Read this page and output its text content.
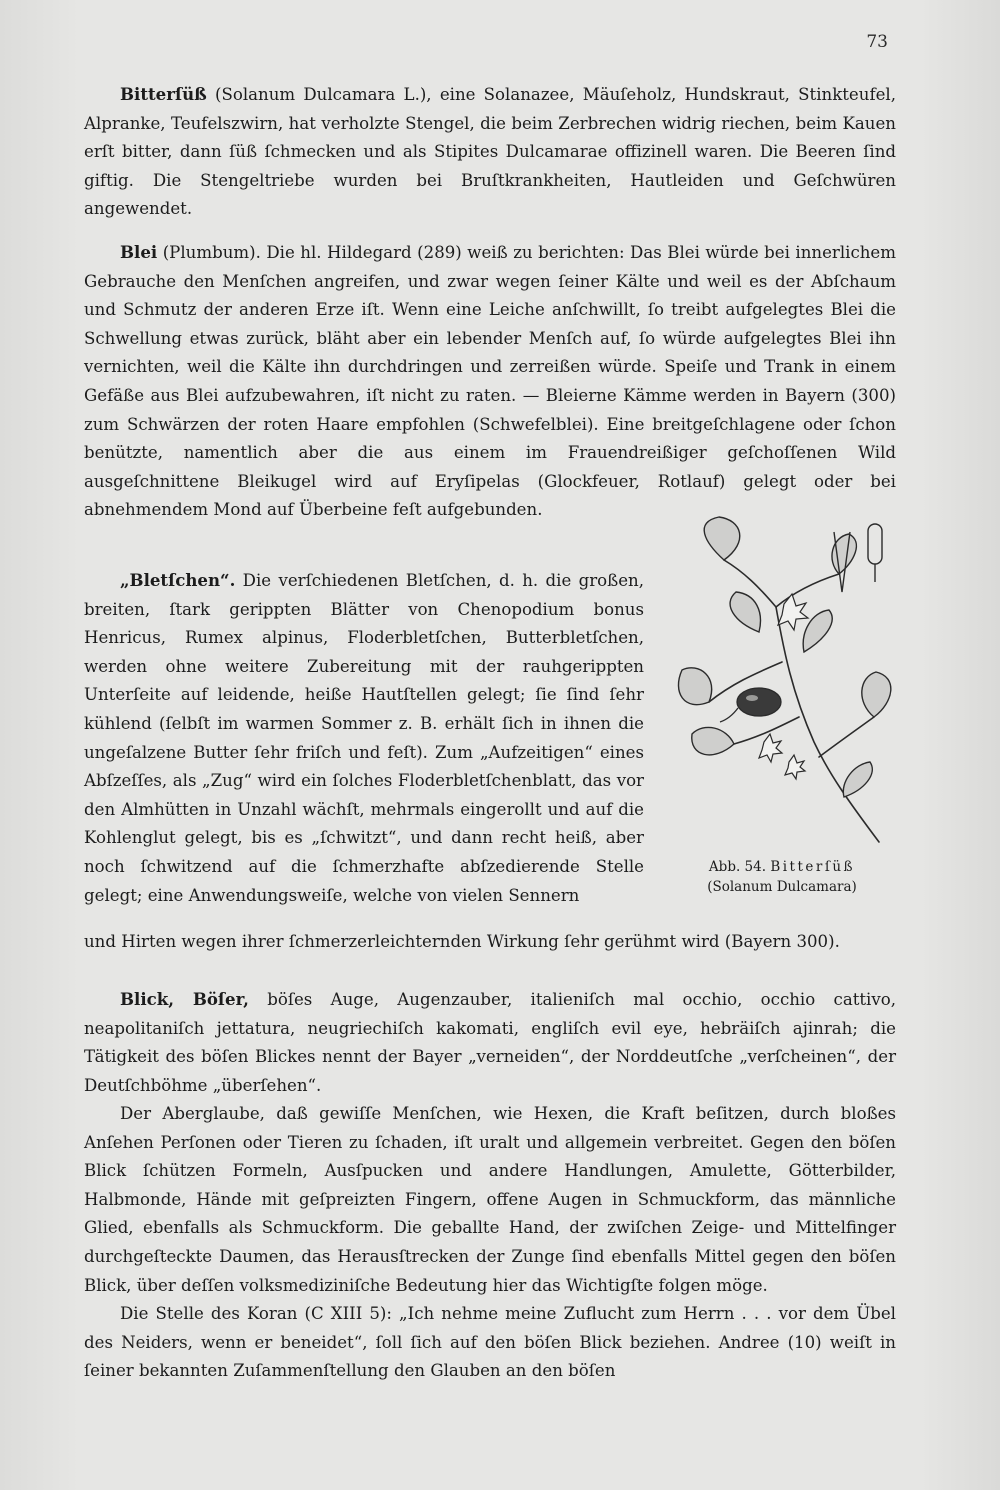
73

Bitterſüß (Solanum Dulcamara L.), eine Solanazee, Mäuſeholz, Hundskraut, Stinkteufel, Alpranke, Teufelszwirn, hat verholzte Stengel, die beim Zerbrechen widrig riechen, beim Kauen erſt bitter, dann ſüß ſchmecken und als Stipites Dulcamarae offizinell waren. Die Beeren ſind giftig. Die Stengeltriebe wurden bei Bruſtkrankheiten, Hautleiden und Geſchwüren angewendet.

Blei (Plumbum). Die hl. Hildegard (289) weiß zu berichten: Das Blei würde bei innerlichem Gebrauche den Menſchen angreifen, und zwar wegen ſeiner Kälte und weil es der Abſchaum und Schmutz der anderen Erze iſt. Wenn eine Leiche anſchwillt, ſo treibt aufgelegtes Blei die Schwellung etwas zurück, bläht aber ein lebender Menſch auf, ſo würde aufgelegtes Blei ihn vernichten, weil die Kälte ihn durchdringen und zerreißen würde. Speiſe und Trank in einem Gefäße aus Blei aufzubewahren, iſt nicht zu raten. — Bleierne Kämme werden in Bayern (300) zum Schwärzen der roten Haare empfohlen (Schwefelblei). Eine breitgeſchlagene oder ſchon benützte, namentlich aber die aus einem im Frauendreißiger geſchoſſenen Wild ausgeſchnittene Bleikugel wird auf Eryſipelas (Glockfeuer, Rotlauf) gelegt oder bei abnehmendem Mond auf Überbeine feſt aufgebunden.

„Bletſchen“. Die verſchiedenen Bletſchen, d. h. die großen, breiten, ſtark gerippten Blätter von Chenopodium bonus Henricus, Rumex alpinus, Floderbletſchen, Butterbletſchen, werden ohne weitere Zubereitung mit der rauhgerippten Unterſeite auf leidende, heiße Hautſtellen gelegt; ſie ſind ſehr kühlend (ſelbſt im warmen Sommer z. B. erhält ſich in ihnen die ungeſalzene Butter ſehr friſch und feſt). Zum „Aufzeitigen“ eines Abſzeſſes, als „Zug“ wird ein ſolches Floderbletſchenblatt, das vor den Almhütten in Unzahl wächſt, mehrmals eingerollt und auf die Kohlenglut gelegt, bis es „ſchwitzt“, und dann recht heiß, aber noch ſchwitzend auf die ſchmerzhafte abſzedierende Stelle gelegt; eine Anwendungsweiſe, welche von vielen Sennern

und Hirten wegen ihrer ſchmerzerleichternden Wirkung ſehr gerühmt wird (Bayern 300).

Abb. 54. Bitterſüß
(Solanum Dulcamara)

Blick, Böſer, böſes Auge, Augenzauber, italieniſch mal occhio, occhio cattivo, neapolitaniſch jettatura, neugriechiſch kakomati, engliſch evil eye, hebräiſch ajinrah; die Tätigkeit des böſen Blickes nennt der Bayer „verneiden“, der Norddeutſche „verſcheinen“, der Deutſchböhme „überſehen“.

Der Aberglaube, daß gewiſſe Menſchen, wie Hexen, die Kraft beſitzen, durch bloßes Anſehen Perſonen oder Tieren zu ſchaden, iſt uralt und allgemein verbreitet. Gegen den böſen Blick ſchützen Formeln, Ausſpucken und andere Handlungen, Amulette, Götterbilder, Halbmonde, Hände mit geſpreizten Fingern, offene Augen in Schmuckform, das männliche Glied, ebenfalls als Schmuckform. Die geballte Hand, der zwiſchen Zeige- und Mittelfinger durchgeſteckte Daumen, das Herausſtrecken der Zunge ſind ebenfalls Mittel gegen den böſen Blick, über deſſen volksmediziniſche Bedeutung hier das Wichtigſte folgen möge.

Die Stelle des Koran (C XIII 5): „Ich nehme meine Zuflucht zum Herrn . . . vor dem Übel des Neiders, wenn er beneidet“, ſoll ſich auf den böſen Blick beziehen. Andree (10) weiſt in ſeiner bekannten Zuſammenſtellung den Glauben an den böſen
